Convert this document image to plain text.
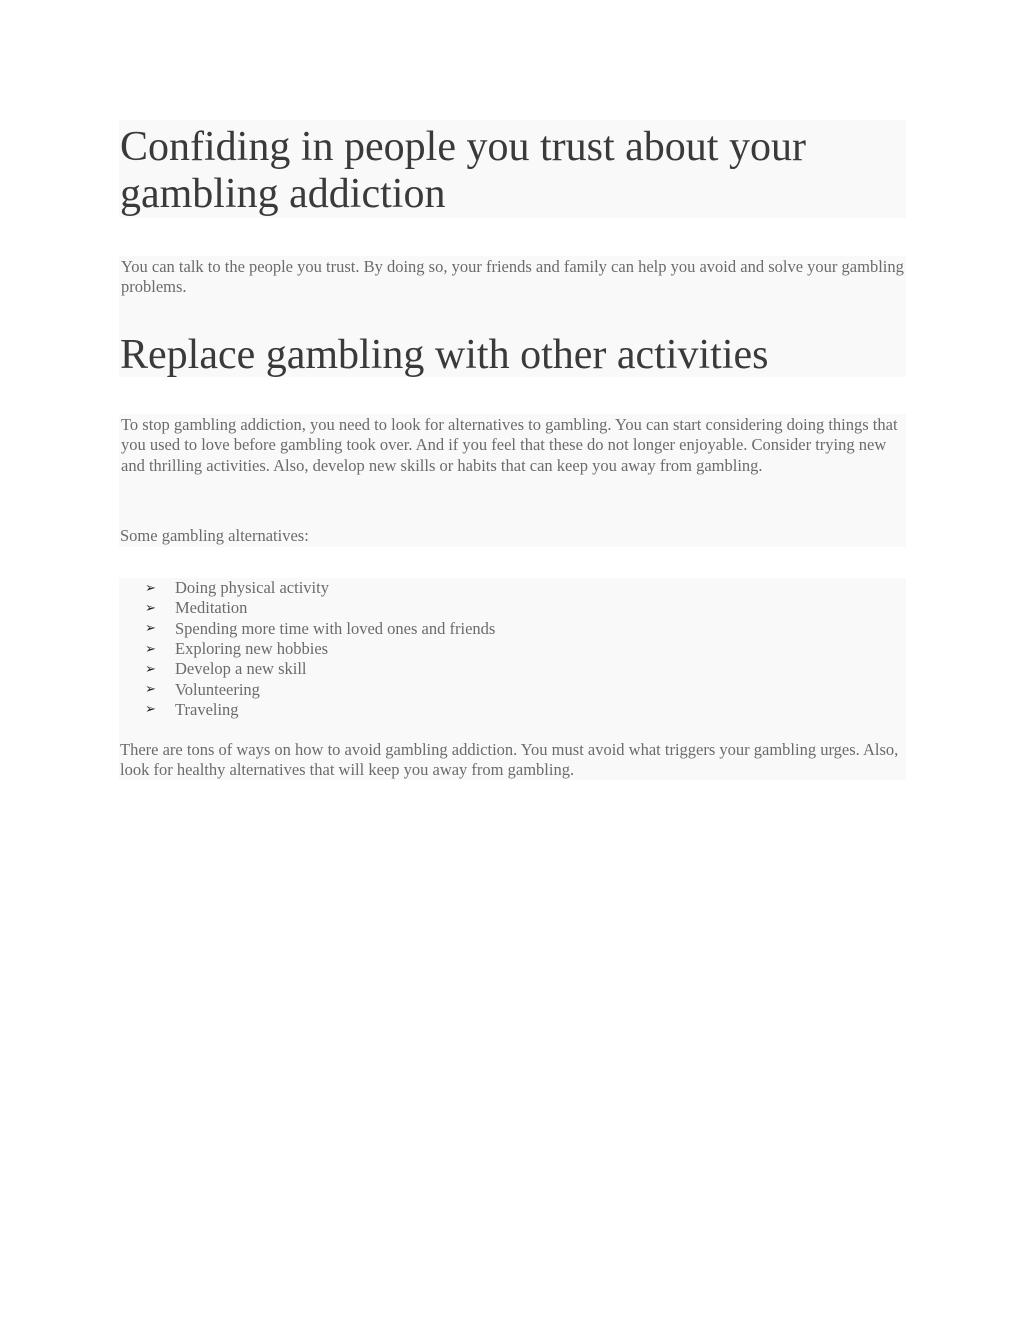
Confiding in people you trust about your gambling addiction

You can talk to the people you trust. By doing so, your friends and family can help you avoid and solve your gambling problems.

Replace gambling with other activities

To stop gambling addiction, you need to look for alternatives to gambling. You can start considering doing things that you used to love before gambling took over. And if you feel that these do not longer enjoyable. Consider trying new and thrilling activities. Also, develop new skills or habits that can keep you away from gambling.

Some gambling alternatives:

➢	Doing physical activity
➢	Meditation
➢	Spending more time with loved ones and friends
➢	Exploring new hobbies
➢	Develop a new skill
➢	Volunteering
➢	Traveling

There are tons of ways on how to avoid gambling addiction. You must avoid what triggers your gambling urges. Also, look for healthy alternatives that will keep you away from gambling.
